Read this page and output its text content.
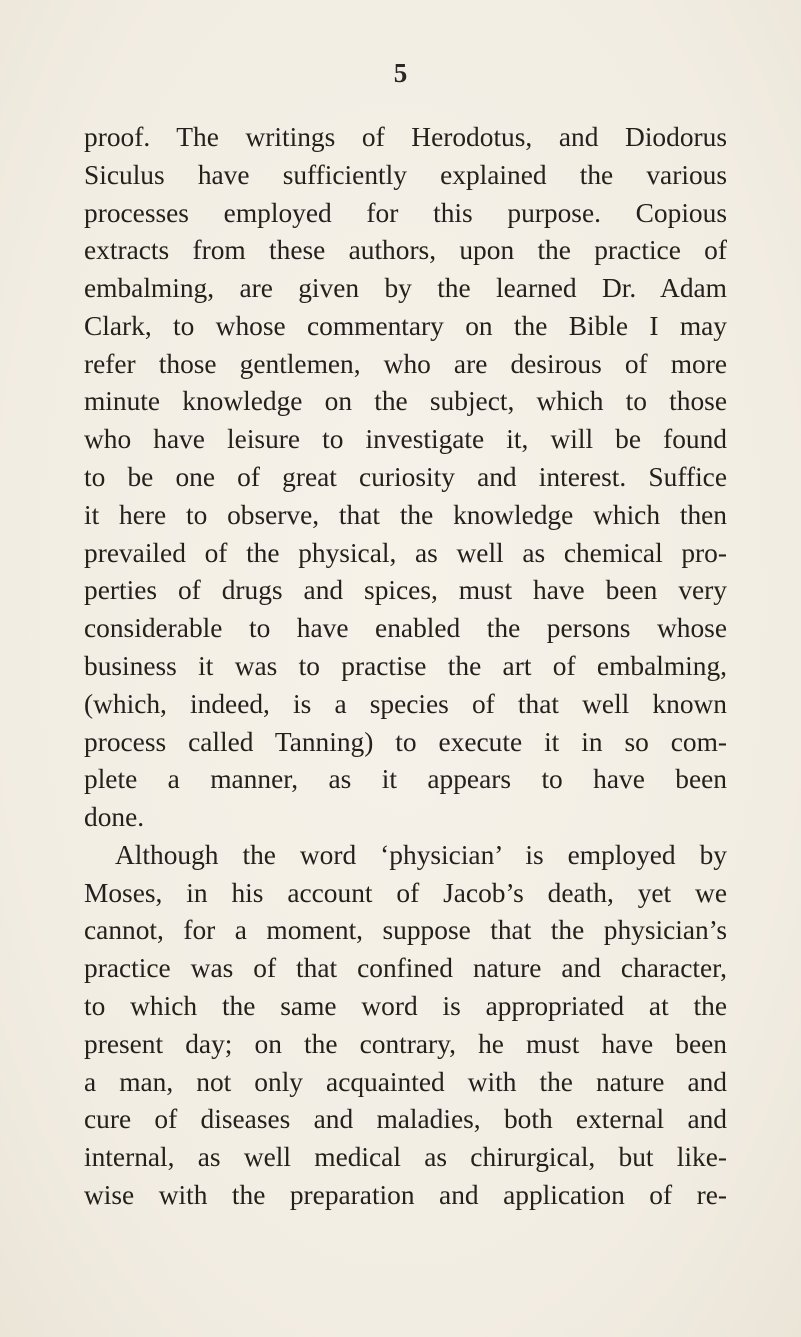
5
proof. The writings of Herodotus, and Diodorus
Siculus have sufficiently explained the various
processes employed for this purpose. Copious
extracts from these authors, upon the practice of
embalming, are given by the learned Dr. Adam
Clark, to whose commentary on the Bible I may
refer those gentlemen, who are desirous of more
minute knowledge on the subject, which to those
who have leisure to investigate it, will be found
to be one of great curiosity and interest. Suffice
it here to observe, that the knowledge which then
prevailed of the physical, as well as chemical pro-
perties of drugs and spices, must have been very
considerable to have enabled the persons whose
business it was to practise the art of embalming,
(which, indeed, is a species of that well known
process called Tanning) to execute it in so com-
plete a manner, as it appears to have been
done.
Although the word ‘physician’ is employed by
Moses, in his account of Jacob’s death, yet we
cannot, for a moment, suppose that the physician’s
practice was of that confined nature and character,
to which the same word is appropriated at the
present day; on the contrary, he must have been
a man, not only acquainted with the nature and
cure of diseases and maladies, both external and
internal, as well medical as chirurgical, but like-
wise with the preparation and application of re-
